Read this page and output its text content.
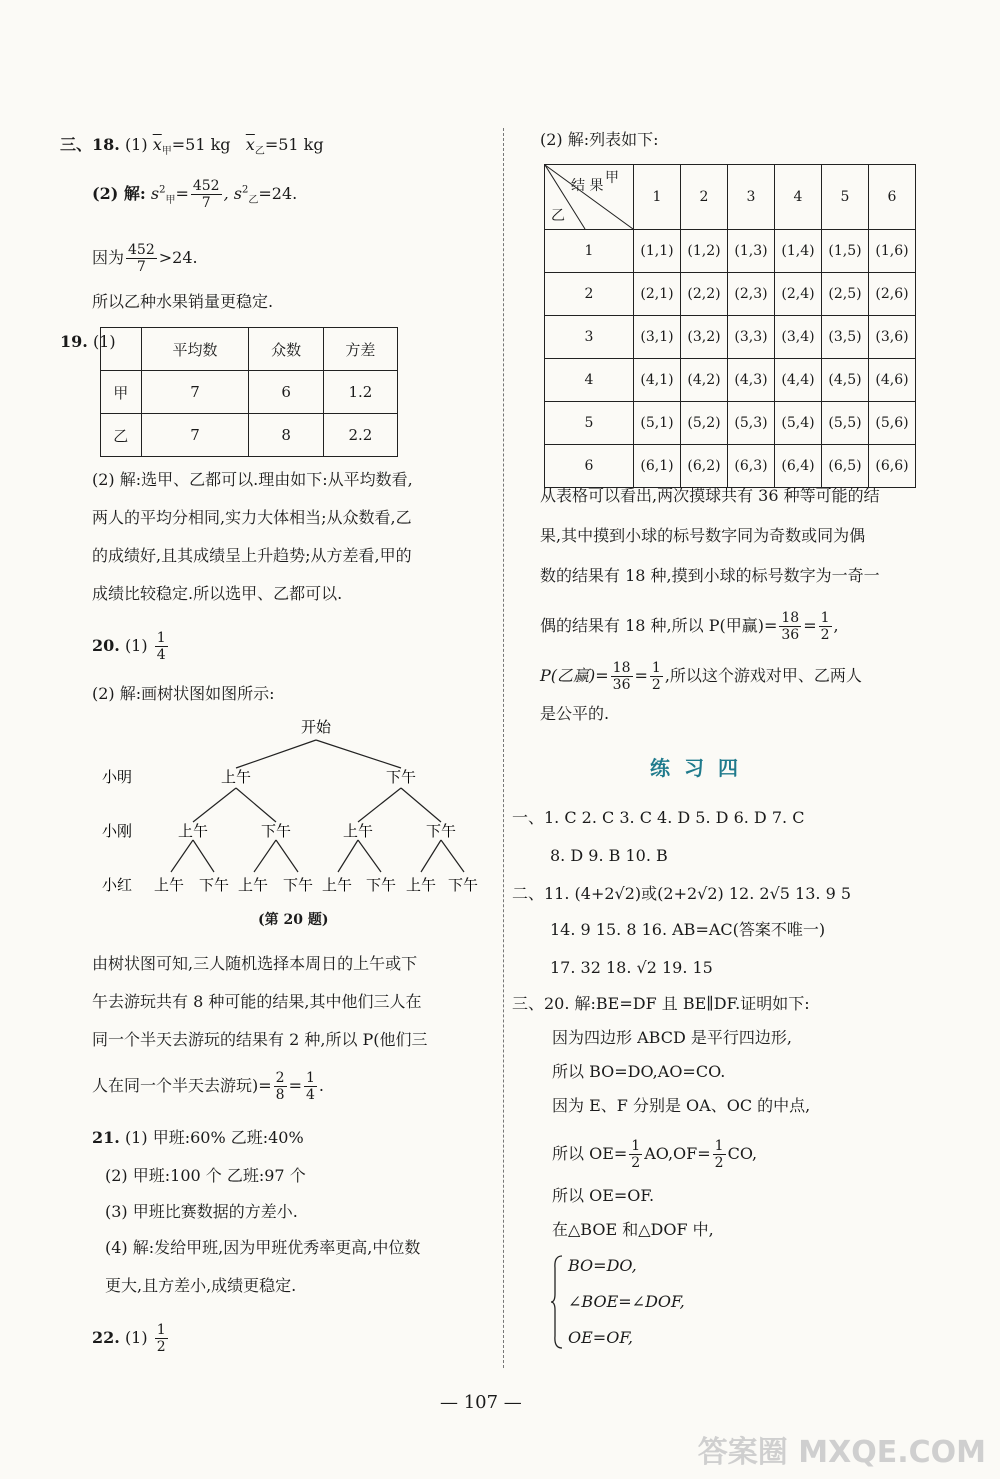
三、18. (1) $\overline{x}_甲=51$ kg $\overline{x}_乙=51$ kg
(2) 解: $s^2_甲= \frac{452}{7}$ , $s^2_乙=24$.
因为 $\frac{452}{7} >24$.
所以乙种水果销量更稳定.
19. (1)
		平均数	众数	方差
甲	7	6	1.2
乙	7	8	2.2
(2) 解:选甲、乙都可以.理由如下:从平均数看,
两人的平均分相同,实力大体相当;从众数看,乙
的成绩好,且其成绩呈上升趋势;从方差看,甲的
成绩比较稳定.所以选甲、乙都可以.
20. $(1) \frac{1}{4}$
(2) 解:画树状图如图所示:
开始
小明
小刚
小红
上午	下午
上午	下午	上午	下午
上午 下午 上午 下午 上午 下午 上午 下午
(第 20 题)
由树状图可知,三人随机选择本周日的上午或下
午去游玩共有 8 种可能的结果,其中他们三人在
同一个半天去游玩的结果有 2 种,所以 P(他们三
人在同一个半天去游玩)= $\frac{2}{8} = \frac{1}{4}$ .
21. (1) 甲班:60% 乙班:40%
(2) 甲班:100 个 乙班:97 个
(3) 甲班比赛数据的方差小.
(4) 解:发给甲班,因为甲班优秀率更高,中位数
更大,且方差小,成绩更稳定.
22. $(1) \frac{1}{2}$
(2) 解:列表如下:
甲
结 果
乙	1	2	3	4	5	6
1	(1,1)	(1,2)	(1,3)	(1,4)	(1,5)	(1,6)
2	(2,1)	(2,2)	(2,3)	(2,4)	(2,5)	(2,6)
3	(3,1)	(3,2)	(3,3)	(3,4)	(3,5)	(3,6)
4	(4,1)	(4,2)	(4,3)	(4,4)	(4,5)	(4,6)
5	(5,1)	(5,2)	(5,3)	(5,4)	(5,5)	(5,6)
6	(6,1)	(6,2)	(6,3)	(6,4)	(6,5)	(6,6)
从表格可以看出,两次摸球共有 36 种等可能的结
果,其中摸到小球的标号数字同为奇数或同为偶
数的结果有 18 种,摸到小球的标号数字为一奇一
偶的结果有 18 种,所以 P(甲赢)= $\frac{18}{36} = \frac{1}{2}$ ,
P(乙赢)= $\frac{18}{36} = \frac{1}{2}$ ,所以这个游戏对甲、乙两人
是公平的.
练习四
一、1. C 2. C 3. C 4. D 5. D 6. D 7. C
8. D 9. B 10. B
二、11. (4+2√2)或(2+2√2) 12. 2√5 13. 9 5
14. 9 15. 8 16. AB=AC(答案不唯一)
17. 32 18. √2 19. 15
三、20. 解:BE=DF 且 BE∥DF.证明如下:
因为四边形 ABCD 是平行四边形,
所以 BO=DO,AO=CO.
因为 E、F 分别是 OA、OC 的中点,
所以 $OE= \frac{1}{2} AO,OF= \frac{1}{2}$ CO,
所以 OE=OF.
在△BOE 和△DOF 中,
BO=DO,
∠BOE=∠DOF,
OE=OF,
— 107 —
答案圈 MXQE.COM
